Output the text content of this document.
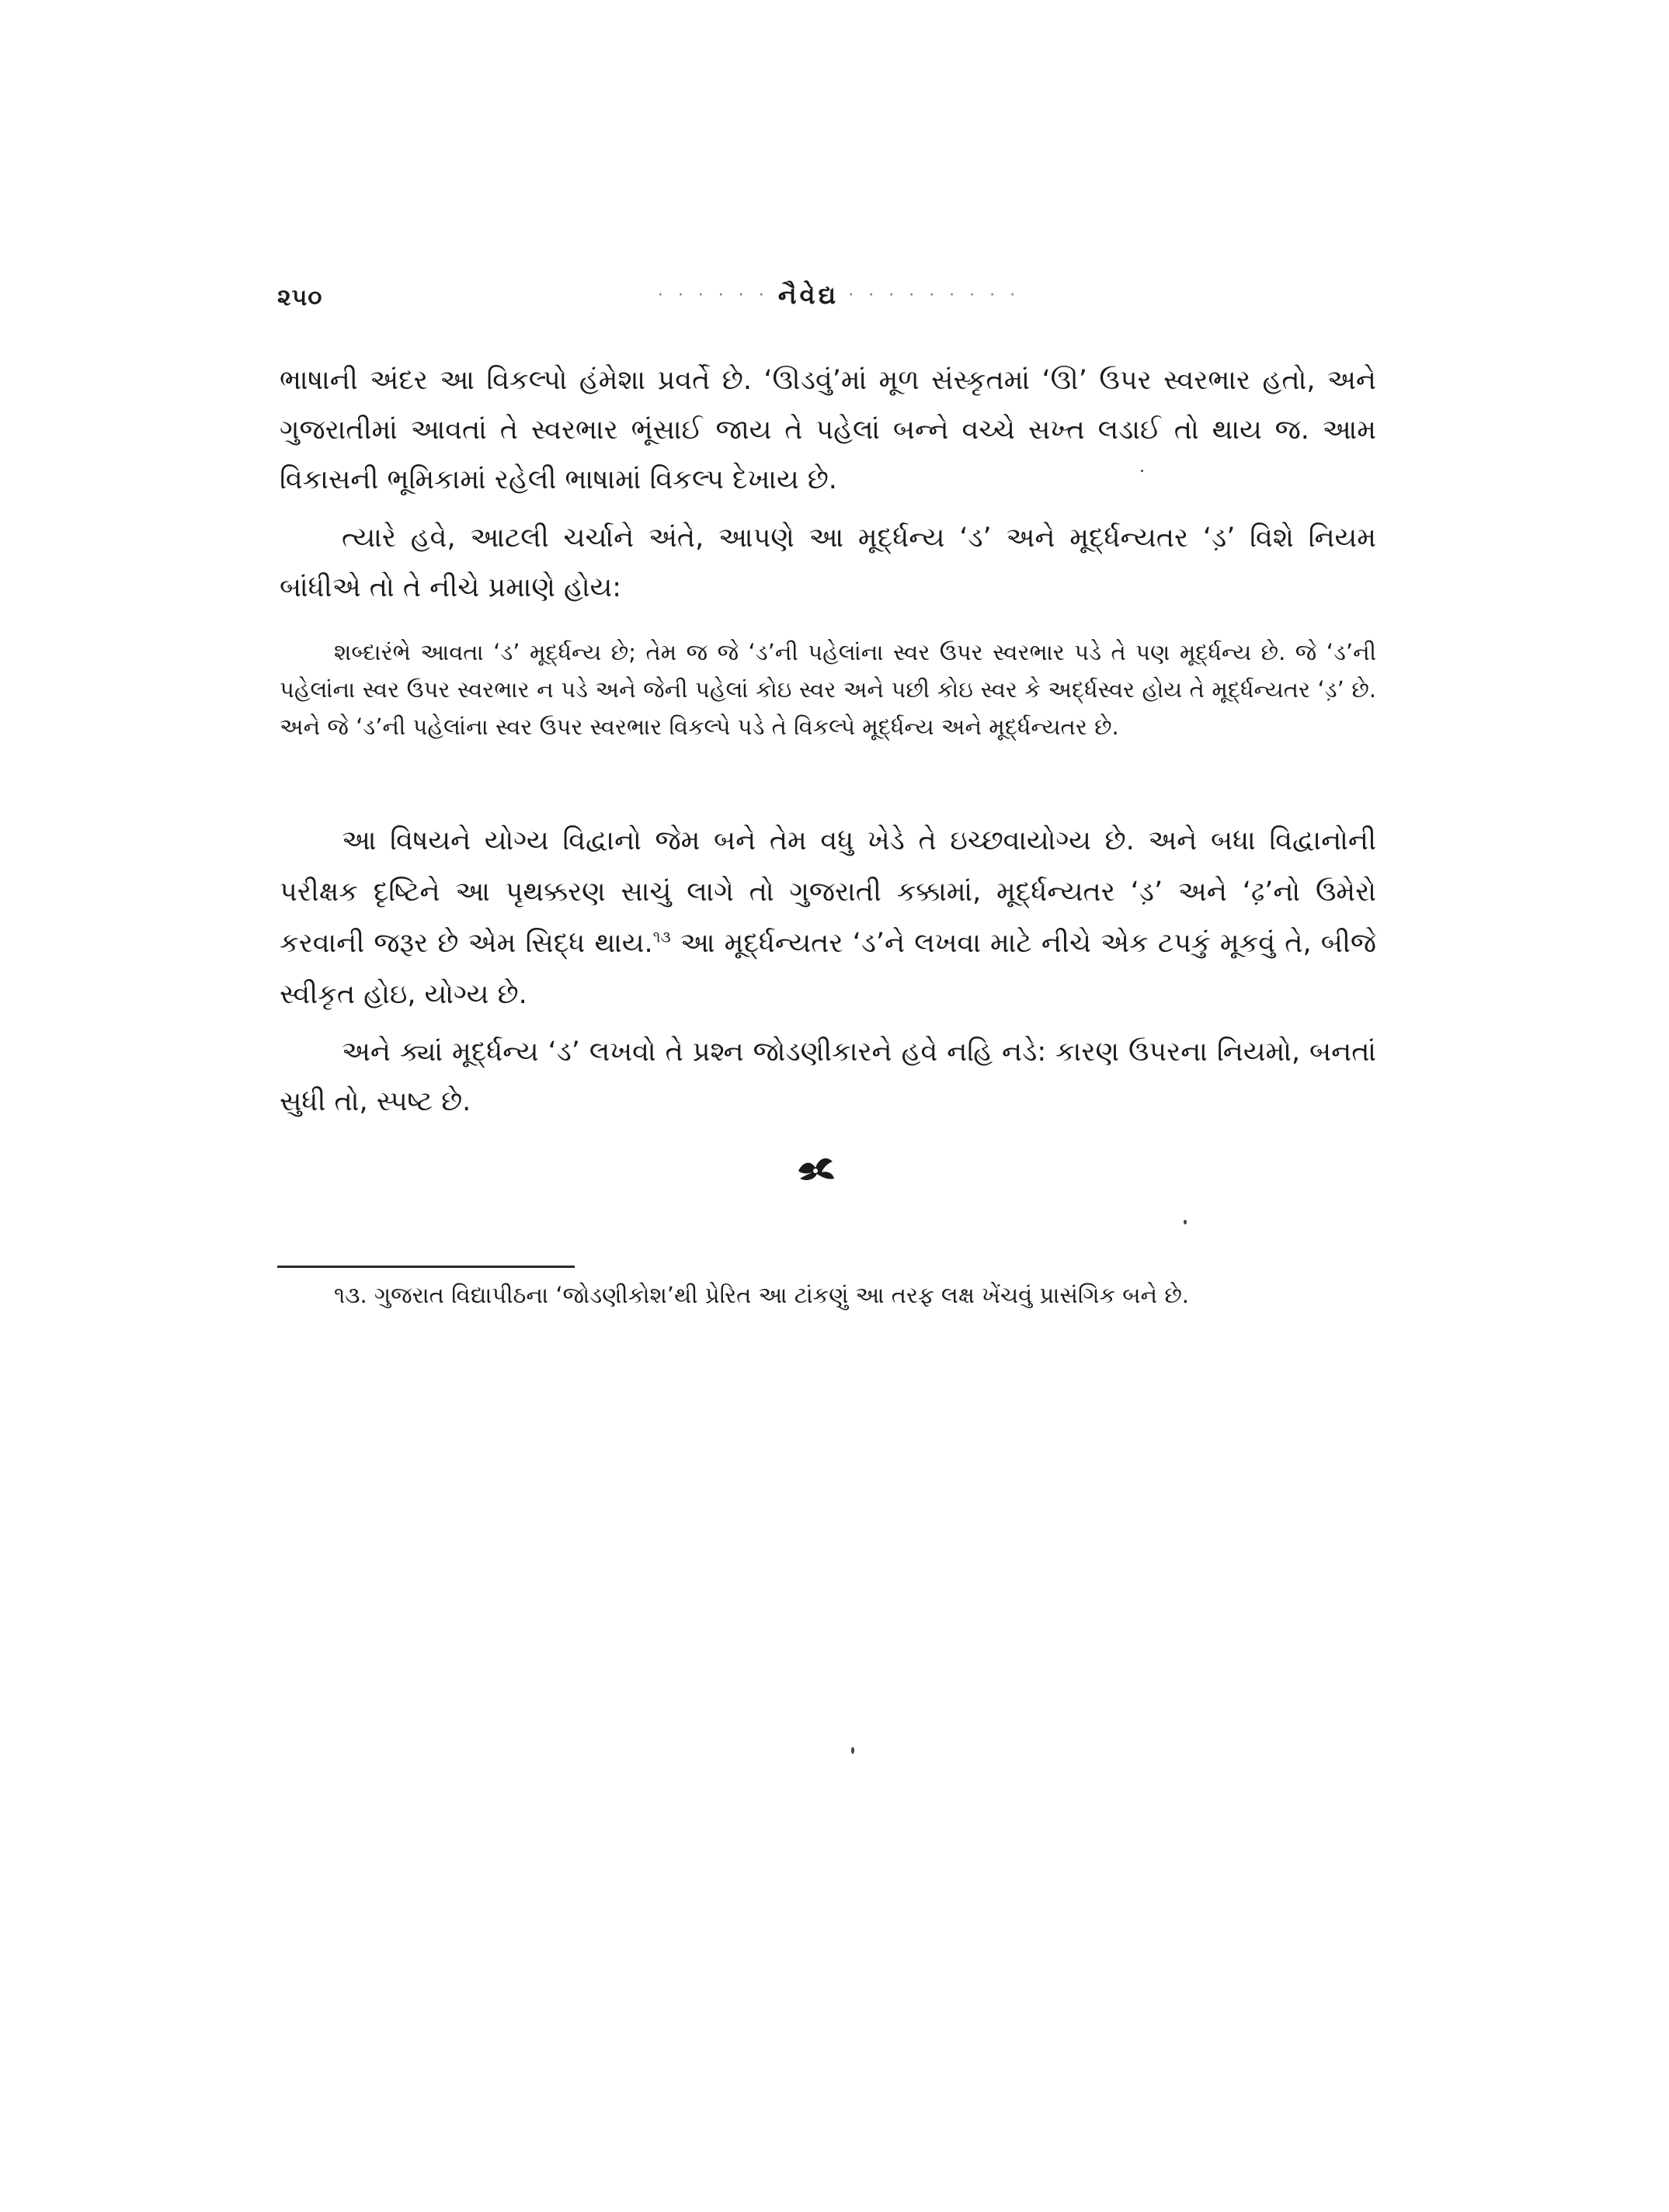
૨૫૦	· · · · · · નૈવેદ્ય · · · · · · · · ·

ભાષાની અંદર આ વિકલ્પો હંમેશા પ્રવર્તે છે. ‘ઊડવું’માં મૂળ સંસ્કૃતમાં ‘ઊ’ ઉપર સ્વરભાર હતો, અને ગુજરાતીમાં આવતાં તે સ્વરભાર ભૂંસાઈ જાય તે પહેલાં બન્ને વચ્ચે સખ્ત લડાઈ તો થાય જ. આમ વિકાસની ભૂમિકામાં રહેલી ભાષામાં વિકલ્પ દેખાય છે.

ત્યારે હવે, આટલી ચર્ચાને અંતે, આપણે આ મૂર્દ્ધન્ય ‘ડ’ અને મૂર્દ્ધન્યતર ‘ડ઼’ વિશે નિયમ બાંધીએ તો તે નીચે પ્રમાણે હોય:

શબ્દારંભે આવતા ‘ડ’ મૂર્દ્ધન્ય છે; તેમ જ જે ‘ડ’ની પહેલાંના સ્વર ઉપર સ્વરભાર પડે તે પણ મૂર્દ્ધન્ય છે. જે ‘ડ’ની પહેલાંના સ્વર ઉપર સ્વરભાર ન પડે અને જેની પહેલાં કોઇ સ્વર અને પછી કોઇ સ્વર કે અર્દ્ધસ્વર હોય તે મૂર્દ્ધન્યતર ‘ડ઼’ છે. અને જે ‘ડ’ની પહેલાંના સ્વર ઉપર સ્વરભાર વિકલ્પે પડે તે વિકલ્પે મૂર્દ્ધન્ય અને મૂર્દ્ધન્યતર છે.

આ વિષયને યોગ્ય વિદ્વાનો જેમ બને તેમ વધુ ખેડે તે ઇચ્છવાયોગ્ય છે. અને બધા વિદ્વાનોની પરીક્ષક દૃષ્ટિને આ પૃથક્કરણ સાચું લાગે તો ગુજરાતી કક્કામાં, મૂર્દ્ધન્યતર ‘ડ઼’ અને ‘ઢ઼’નો ઉમેરો કરવાની જરૂર છે એમ સિદ્ધ થાય.$^{૧૩}$ આ મૂર્દ્ધન્યતર ‘ડ’ને લખવા માટે નીચે એક ટપકું મૂકવું તે, બીજે સ્વીકૃત હોઇ, યોગ્ય છે.

અને ક્યાં મૂર્દ્ધન્ય ‘ડ’ લખવો તે પ્રશ્ન જોડણીકારને હવે નહિ નડે: કારણ ઉપરના નિયમો, બનતાં સુધી તો, સ્પષ્ટ છે.

૧૩. ગુજરાત વિદ્યાપીઠના ‘જોડણીકોશ’થી પ્રેરિત આ ટાંકણું આ તરફ લક્ષ ખેંચવું પ્રાસંગિક બને છે.
